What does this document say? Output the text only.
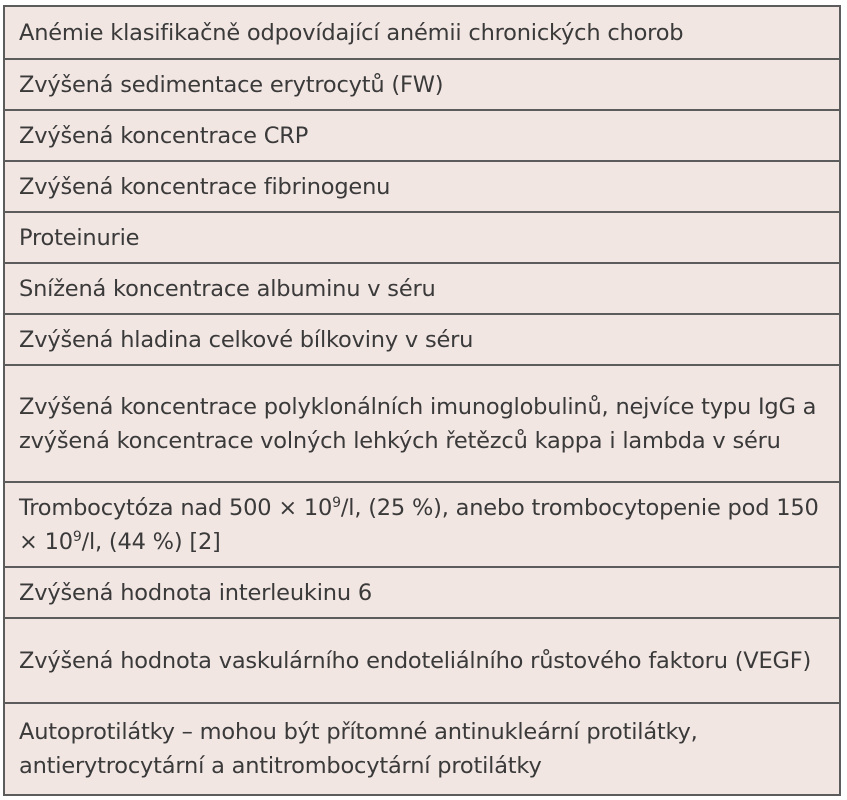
Anémie klasifikačně odpovídající anémii chronických chorob
Zvýšená sedimentace erytrocytů (FW)
Zvýšená koncentrace CRP
Zvýšená koncentrace fibrinogenu
Proteinurie
Snížená koncentrace albuminu v séru
Zvýšená hladina celkové bílkoviny v séru
Zvýšená koncentrace polyklonálních imunoglobulinů, nejvíce typu IgG a zvýšená koncentrace volných lehkých řetězců kappa i lambda v séru
Trombocytóza nad $500 \times 10^9/l$, (25 %), anebo trombocytopenie pod $150 \times 10^9/l$, (44 %) [2]
Zvýšená hodnota interleukinu 6
Zvýšená hodnota vaskulárního endoteliálního růstového faktoru (VEGF)
Autoprotilátky – mohou být přítomné antinukleární protilátky, antierytrocytární a antitrombocytární protilátky
